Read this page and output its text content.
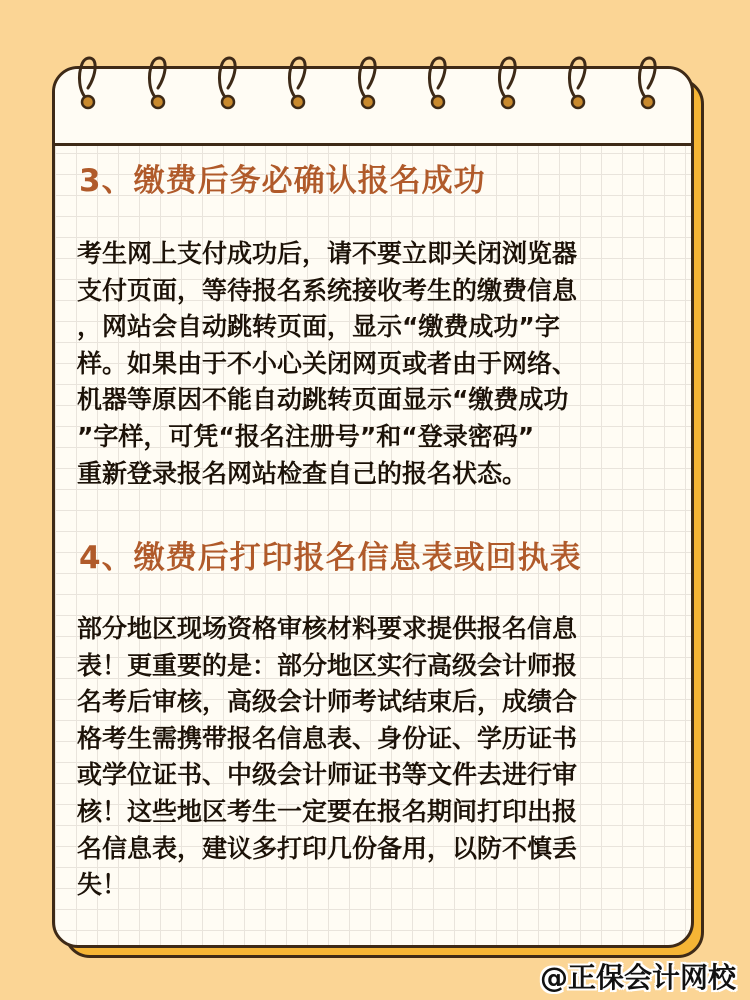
3、缴费后务必确认报名成功
考生网上支付成功后，请不要立即关闭浏览器
支付页面，等待报名系统接收考生的缴费信息
，网站会自动跳转页面，显示“缴费成功”字
样。如果由于不小心关闭网页或者由于网络、
机器等原因不能自动跳转页面显示“缴费成功
”字样，可凭“报名注册号”和“登录密码”
重新登录报名网站检查自己的报名状态。
4、缴费后打印报名信息表或回执表
部分地区现场资格审核材料要求提供报名信息
表！更重要的是：部分地区实行高级会计师报
名考后审核，高级会计师考试结束后，成绩合
格考生需携带报名信息表、身份证、学历证书
或学位证书、中级会计师证书等文件去进行审
核！这些地区考生一定要在报名期间打印出报
名信息表，建议多打印几份备用，以防不慎丢
失！
@正保会计网校
